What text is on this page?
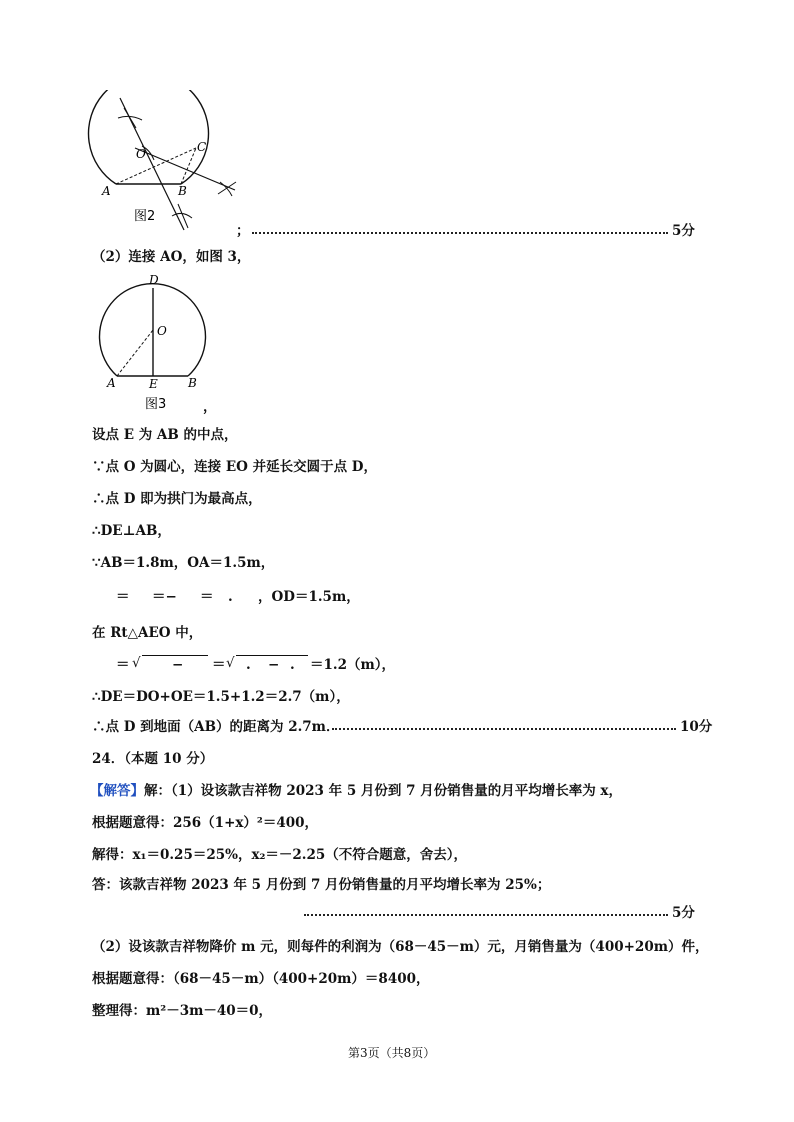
O	C
A	B
图2
；	5分
（2）连接 AO，如图 3，
D
O
A	E	B
图3	，
设点 E 为 AB 的中点，
∵点 O 为圆心，连接 EO 并延长交圆于点 D，
∴点 D 即为拱门为最高点，
∴DE⊥AB，
∵AB＝1.8m，OA＝1.5m，
＝ ＝− ＝ . ，OD＝1.5m，
在 Rt△AEO 中，
＝ √ − ＝ √ . − . ＝1.2（m），
∴DE＝DO+OE＝1.5+1.2＝2.7（m），
∴点 D 到地面（AB）的距离为 2.7m．	10分
24．（本题 10 分）
【解答】解：（1）设该款吉祥物 2023 年 5 月份到 7 月份销售量的月平均增长率为 x，
根据题意得：256（1+x）²＝400，
解得：x₁＝0.25＝25%，x₂＝－2.25（不符合题意，舍去），
答：该款吉祥物 2023 年 5 月份到 7 月份销售量的月平均增长率为 25%；
5分
（2）设该款吉祥物降价 m 元，则每件的利润为（68－45－m）元，月销售量为（400+20m）件，
根据题意得：（68－45－m）（400+20m）＝8400，
整理得：m²－3m－40＝0，
第3页（共8页）
